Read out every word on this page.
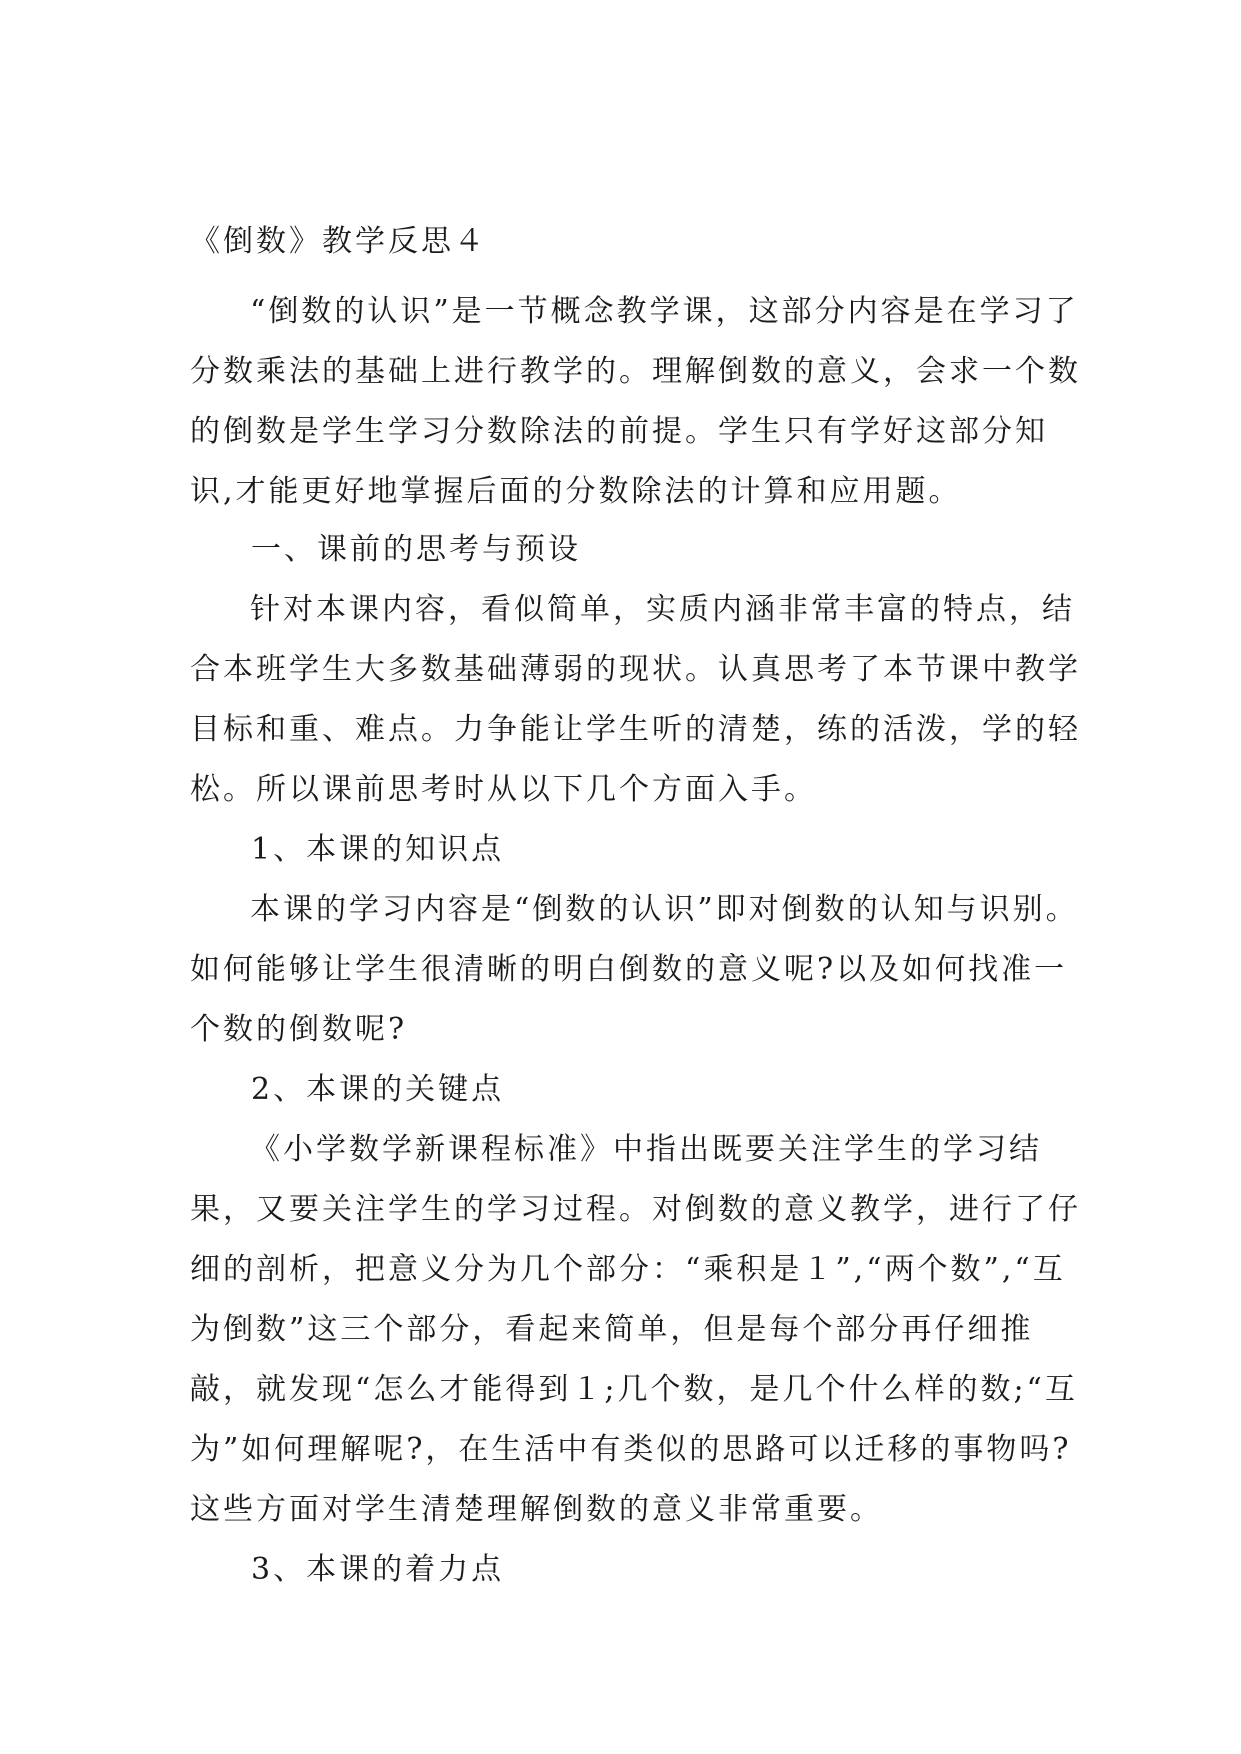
《倒数》教学反思４

“倒数的认识”是一节概念教学课，这部分内容是在学习了分数乘法的基础上进行教学的。理解倒数的意义，会求一个数的倒数是学生学习分数除法的前提。学生只有学好这部分知识,才能更好地掌握后面的分数除法的计算和应用题。

一、课前的思考与预设

针对本课内容，看似简单，实质内涵非常丰富的特点，结合本班学生大多数基础薄弱的现状。认真思考了本节课中教学目标和重、难点。力争能让学生听的清楚，练的活泼，学的轻松。所以课前思考时从以下几个方面入手。

1、本课的知识点

本课的学习内容是“倒数的认识”即对倒数的认知与识别。如何能够让学生很清晰的明白倒数的意义呢?以及如何找准一个数的倒数呢?

2、本课的关键点

《小学数学新课程标准》中指出既要关注学生的学习结果，又要关注学生的学习过程。对倒数的意义教学，进行了仔细的剖析，把意义分为几个部分：“乘积是１”,“两个数”,“互为倒数”这三个部分，看起来简单，但是每个部分再仔细推敲，就发现“怎么才能得到１;几个数，是几个什么样的数;“互为”如何理解呢?，在生活中有类似的思路可以迁移的事物吗?这些方面对学生清楚理解倒数的意义非常重要。

3、本课的着力点
